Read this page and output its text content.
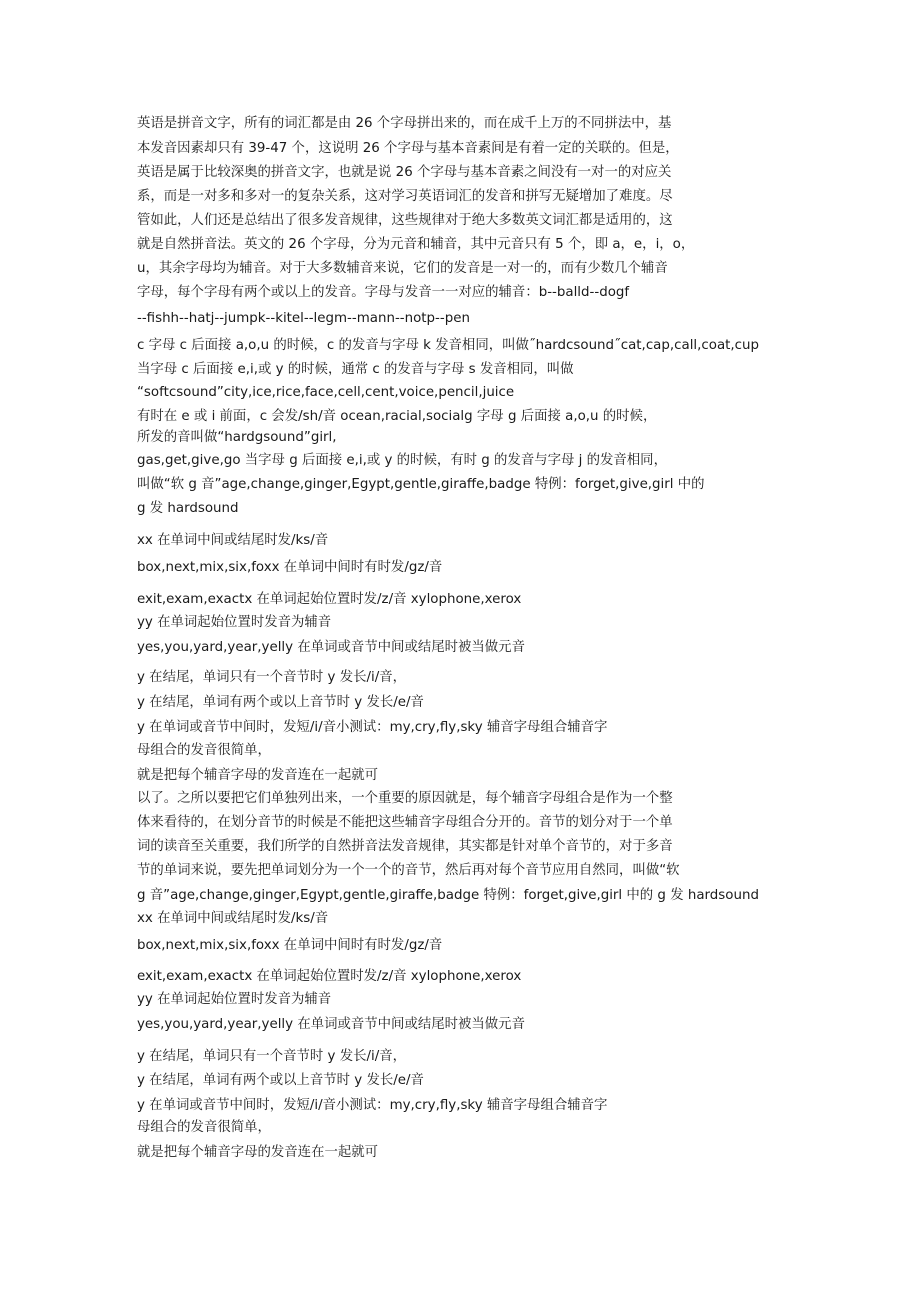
英语是拼音文字，所有的词汇都是由 26 个字母拼出来的，而在成千上万的不同拼法中，基
本发音因素却只有 39-47 个，这说明 26 个字母与基本音素间是有着一定的关联的。但是，
英语是属于比较深奥的拼音文字，也就是说 26 个字母与基本音素之间没有一对一的对应关
系，而是一对多和多对一的复杂关系，这对学习英语词汇的发音和拼写无疑增加了难度。尽
管如此，人们还是总结出了很多发音规律，这些规律对于绝大多数英文词汇都是适用的，这
就是自然拼音法。英文的 26 个字母，分为元音和辅音，其中元音只有 5 个，即 a，e，i，o，
u，其余字母均为辅音。对于大多数辅音来说，它们的发音是一对一的，而有少数几个辅音
字母，每个字母有两个或以上的发音。字母与发音一一对应的辅音：b--balld--dogf
--fishh--hatj--jumpk--kitel--legm--mann--notp--pen
c 字母 c 后面接 a,o,u 的时候，c 的发音与字母 k 发音相同，叫做˝hardcsound˝cat,cap,call,coat,cup
当字母 c 后面接 e,i,或 y 的时候，通常 c 的发音与字母 s 发音相同，叫做
“softcsound”city,ice,rice,face,cell,cent,voice,pencil,juice
有时在 e 或 i 前面，c 会发/sh/音 ocean,racial,socialg 字母 g 后面接 a,o,u 的时候，
所发的音叫做“hardgsound”girl,
gas,get,give,go 当字母 g 后面接 e,i,或 y 的时候，有时 g 的发音与字母 j 的发音相同，
叫做“软 g 音”age,change,ginger,Egypt,gentle,giraffe,badge 特例：forget,give,girl 中的
g 发 hardsound
xx 在单词中间或结尾时发/ks/音
box,next,mix,six,foxx 在单词中间时有时发/gz/音
exit,exam,exactx 在单词起始位置时发/z/音 xylophone,xerox
yy 在单词起始位置时发音为辅音
yes,you,yard,year,yelly 在单词或音节中间或结尾时被当做元音
y 在结尾，单词只有一个音节时 y 发长/i/音，
y 在结尾，单词有两个或以上音节时 y 发长/e/音
y 在单词或音节中间时，发短/i/音小测试：my,cry,fly,sky 辅音字母组合辅音字
母组合的发音很简单，
就是把每个辅音字母的发音连在一起就可
以了。之所以要把它们单独列出来，一个重要的原因就是，每个辅音字母组合是作为一个整
体来看待的，在划分音节的时候是不能把这些辅音字母组合分开的。音节的划分对于一个单
词的读音至关重要，我们所学的自然拼音法发音规律，其实都是针对单个音节的，对于多音
节的单词来说，要先把单词划分为一个一个的音节，然后再对每个音节应用自然同，叫做“软
g 音”age,change,ginger,Egypt,gentle,giraffe,badge 特例：forget,give,girl 中的 g 发 hardsound
xx 在单词中间或结尾时发/ks/音
box,next,mix,six,foxx 在单词中间时有时发/gz/音
exit,exam,exactx 在单词起始位置时发/z/音 xylophone,xerox
yy 在单词起始位置时发音为辅音
yes,you,yard,year,yelly 在单词或音节中间或结尾时被当做元音
y 在结尾，单词只有一个音节时 y 发长/i/音，
y 在结尾，单词有两个或以上音节时 y 发长/e/音
y 在单词或音节中间时，发短/i/音小测试：my,cry,fly,sky 辅音字母组合辅音字
母组合的发音很简单，
就是把每个辅音字母的发音连在一起就可
